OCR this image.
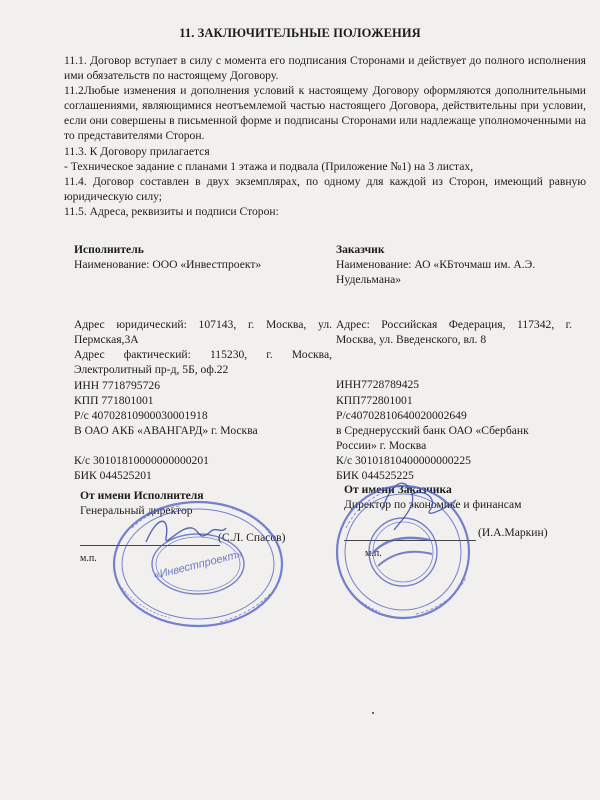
11. ЗАКЛЮЧИТЕЛЬНЫЕ ПОЛОЖЕНИЯ

11.1. Договор вступает в силу с момента его подписания Сторонами и действует до полного исполнения ими обязательств по настоящему Договору.

11.2Любые изменения и дополнения условий к настоящему Договору оформляются дополнительными соглашениями, являющимися неотъемлемой частью настоящего Договора, действительны при условии, если они совершены в письменной форме и подписаны Сторонами или надлежаще уполномоченными на то представителями Сторон.

11.3. К Договору прилагается

- Техническое задание с планами 1 этажа и подвала (Приложение №1) на 3 листах,

11.4. Договор составлен в двух экземплярах, по одному для каждой из Сторон, имеющий равную юридическую силу;

11.5. Адреса, реквизиты и подписи Сторон:

Исполнитель

Наименование: ООО «Инвестпроект»

Адрес юридический: 107143, г. Москва, ул. Пермская,3А

Адрес фактический: 115230, г. Москва, Электролитный пр-д, 5Б, оф.22

ИНН 7718795726

КПП 771801001

Р/с 40702810900030001918

В ОАО АКБ «АВАНГАРД» г. Москва

К/с 30101810000000000201

БИК 044525201

Заказчик

Наименование: АО «КБточмаш им. А.Э. Нудельмана»

Адрес: Российская Федерация, 117342, г. Москва, ул. Введенского, вл. 8

ИНН7728789425

КПП772801001

Р/с40702810640020002649

в Среднерусский банк ОАО «Сбербанк России» г. Москва

К/с 30101810400000000225

БИК 044525225

От имени Исполнителя
Генеральный директор
(С.Л. Спасов)
м.п.
От имени Заказчика
Директор по экономике и финансам
(И.А.Маркин)
м.п.
«Инвестпроект»
